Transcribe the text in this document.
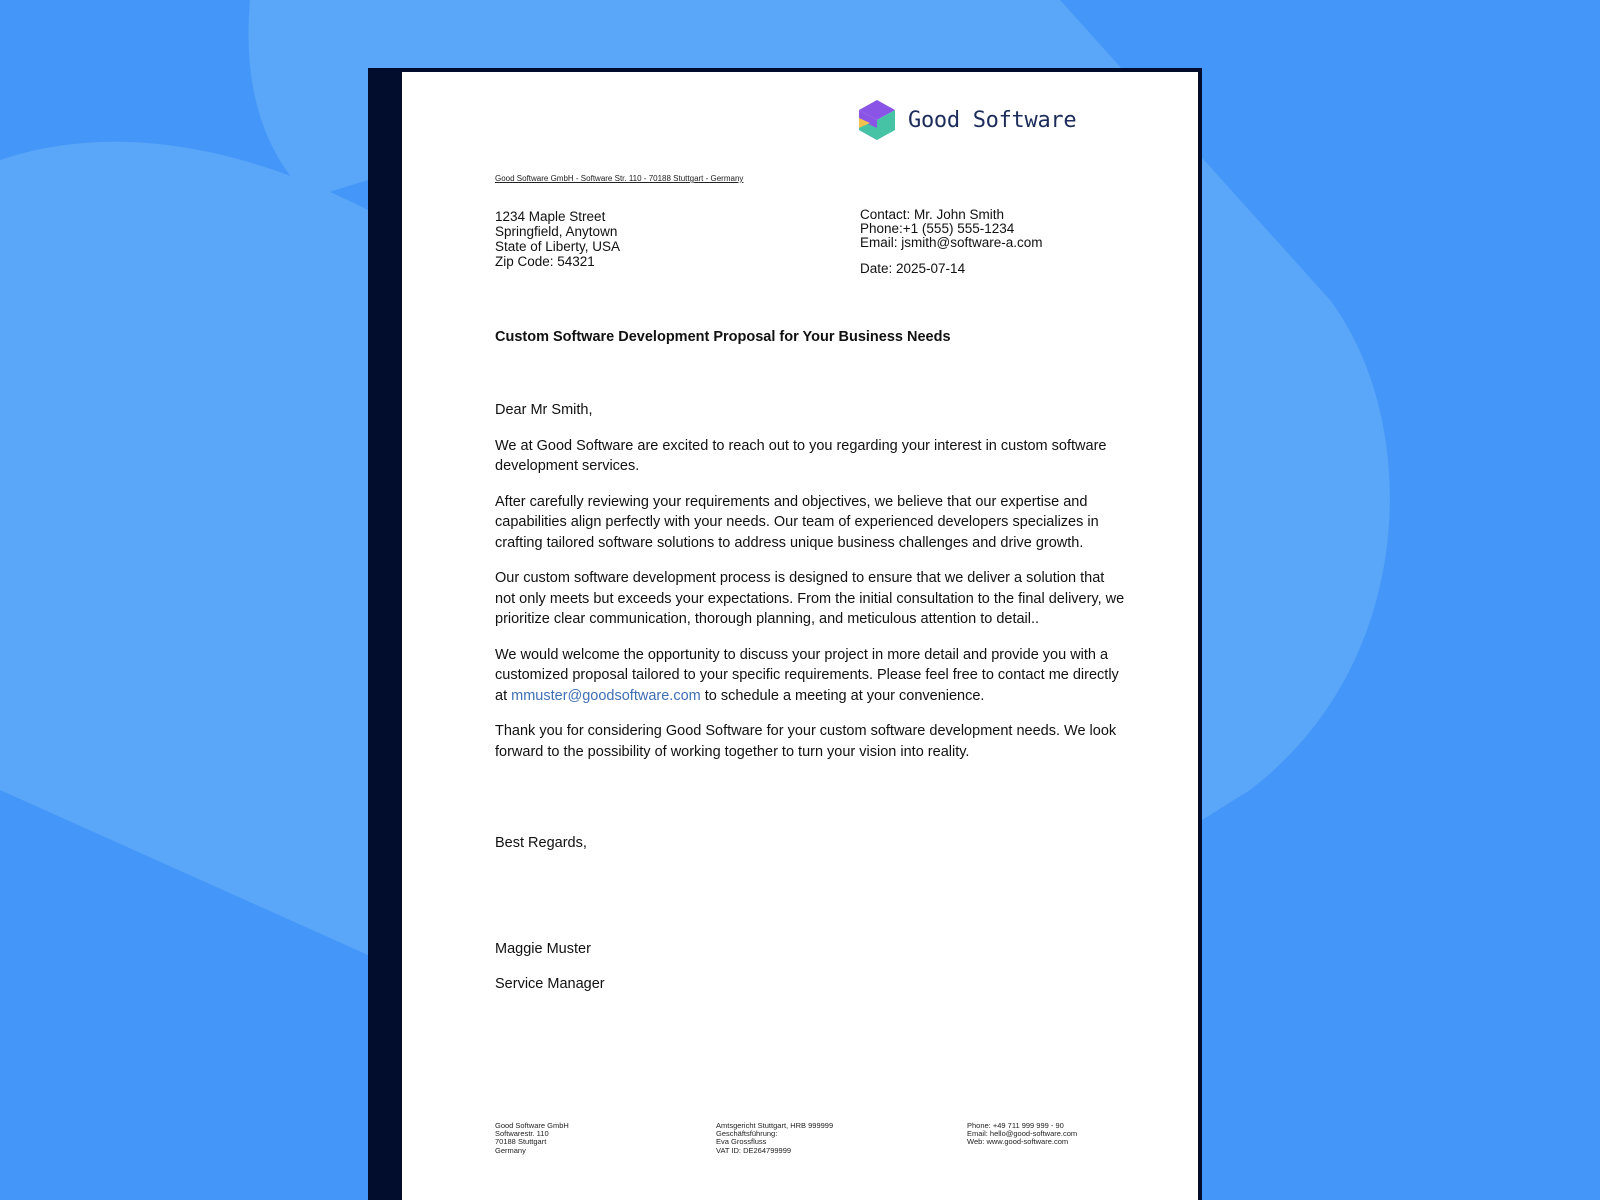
Good Software
Good Software GmbH - Software Str. 110 - 70188 Stuttgart - Germany
1234 Maple Street
Springfield, Anytown
State of Liberty, USA
Zip Code: 54321
Contact: Mr. John Smith
Phone:+1 (555) 555-1234
Email: jsmith@software-a.com
Date: 2025-07-14
Custom Software Development Proposal for Your Business Needs

Dear Mr Smith,

We at Good Software are excited to reach out to you regarding your interest in custom software development services.

After carefully reviewing your requirements and objectives, we believe that our expertise and capabilities align perfectly with your needs. Our team of experienced developers specializes in crafting tailored software solutions to address unique business challenges and drive growth.

Our custom software development process is designed to ensure that we deliver a solution that not only meets but exceeds your expectations. From the initial consultation to the final delivery, we prioritize clear communication, thorough planning, and meticulous attention to detail..

We would welcome the opportunity to discuss your project in more detail and provide you with a customized proposal tailored to your specific requirements. Please feel free to contact me directly at mmuster@goodsoftware.com to schedule a meeting at your convenience.

Thank you for considering Good Software for your custom software development needs. We look forward to the possibility of working together to turn your vision into reality.

Best Regards,
Maggie Muster
Service Manager
Good Software GmbH
Softwarestr. 110
70188 Stuttgart
Germany
Amtsgericht Stuttgart, HRB 999999
Geschäftsführung:
Eva Grossfluss
VAT ID: DE264799999
Phone: +49 711 999 999 - 90
Email: hello@good-software.com
Web: www.good-software.com
